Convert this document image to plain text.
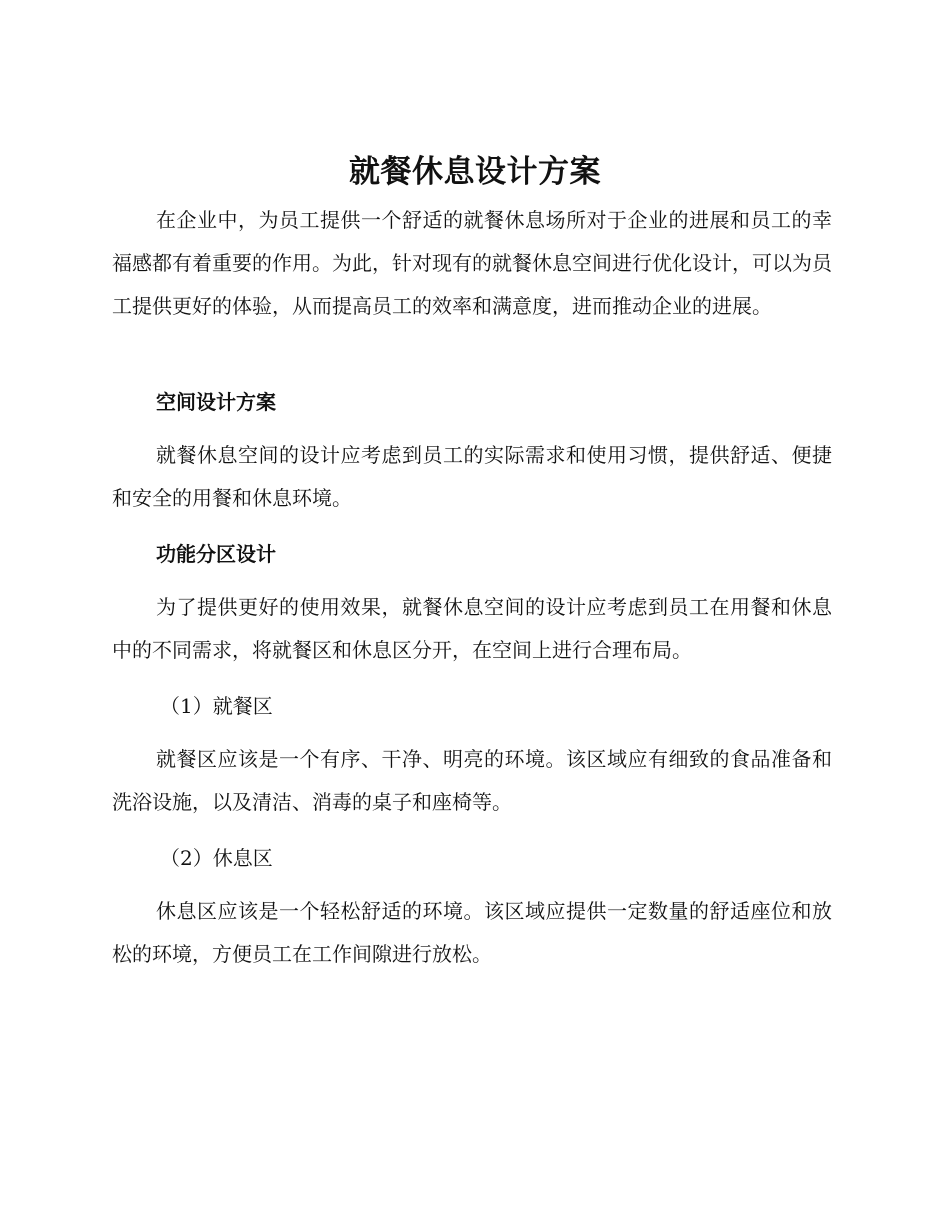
就餐休息设计方案

在企业中，为员工提供一个舒适的就餐休息场所对于企业的进展和员工的幸福感都有着重要的作用。为此，针对现有的就餐休息空间进行优化设计，可以为员工提供更好的体验，从而提高员工的效率和满意度，进而推动企业的进展。

空间设计方案

就餐休息空间的设计应考虑到员工的实际需求和使用习惯，提供舒适、便捷和安全的用餐和休息环境。

功能分区设计

为了提供更好的使用效果，就餐休息空间的设计应考虑到员工在用餐和休息中的不同需求，将就餐区和休息区分开，在空间上进行合理布局。

（1）就餐区

就餐区应该是一个有序、干净、明亮的环境。该区域应有细致的食品准备和洗浴设施，以及清洁、消毒的桌子和座椅等。

（2）休息区

休息区应该是一个轻松舒适的环境。该区域应提供一定数量的舒适座位和放松的环境，方便员工在工作间隙进行放松。
